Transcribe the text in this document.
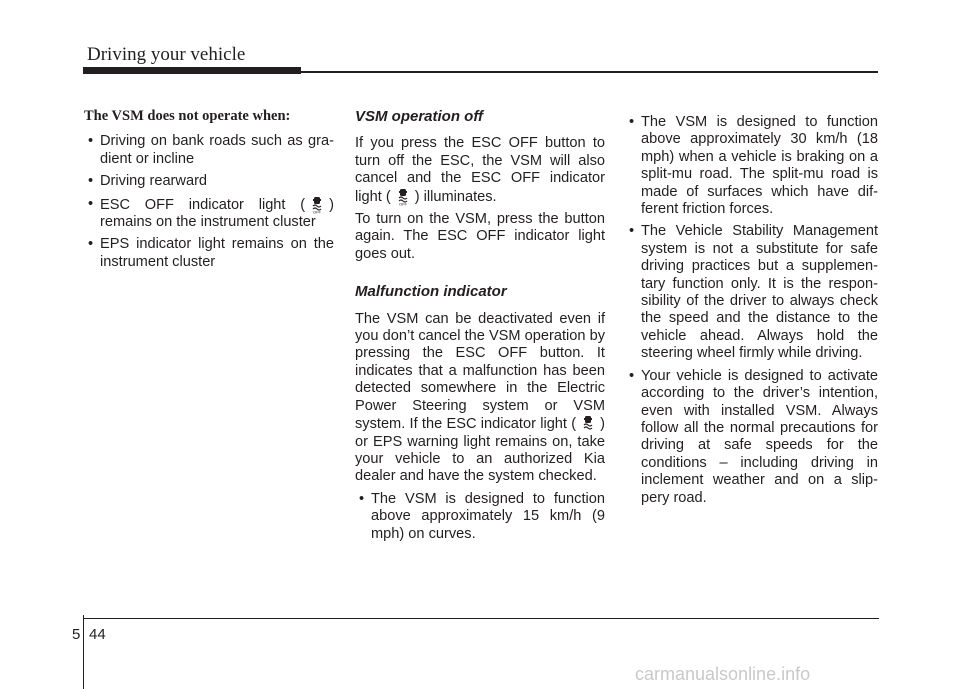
Driving your vehicle
The VSM does not operate when:
• Driving on bank roads such as gra-dient or incline
• Driving rearward
• ESC OFF indicator light ( OFF ) remains on the instrument cluster
• EPS indicator light remains on the instrument cluster
VSM operation off

If you press the ESC OFF button to turn off the ESC, the VSM will also cancel and the ESC OFF indicator light ( OFF ) illuminates.

To turn on the VSM, press the button again. The ESC OFF indicator light goes out.

Malfunction indicator

The VSM can be deactivated even if you don’t cancel the VSM operation by pressing the ESC OFF button. It indicates that a malfunction has been detected somewhere in the Electric Power Steering system or VSM system. If the ESC indicator light ( ) or EPS warning light remains on, take your vehicle to an authorized Kia dealer and have the system checked.

• The VSM is designed to function above approximately 15 km/h (9 mph) on curves.
• The VSM is designed to function above approximately 30 km/h (18 mph) when a vehicle is braking on a split-mu road. The split-mu road is made of surfaces which have dif-ferent friction forces.
• The Vehicle Stability Management system is not a substitute for safe driving practices but a supplemen-tary function only. It is the respon-sibility of the driver to always check the speed and the distance to the vehicle ahead. Always hold the steering wheel firmly while driving.
• Your vehicle is designed to activate according to the driver’s intention, even with installed VSM. Always follow all the normal precautions for driving at safe speeds for the conditions – including driving in inclement weather and on a slip-pery road.
5 44
carmanualsonline.info
